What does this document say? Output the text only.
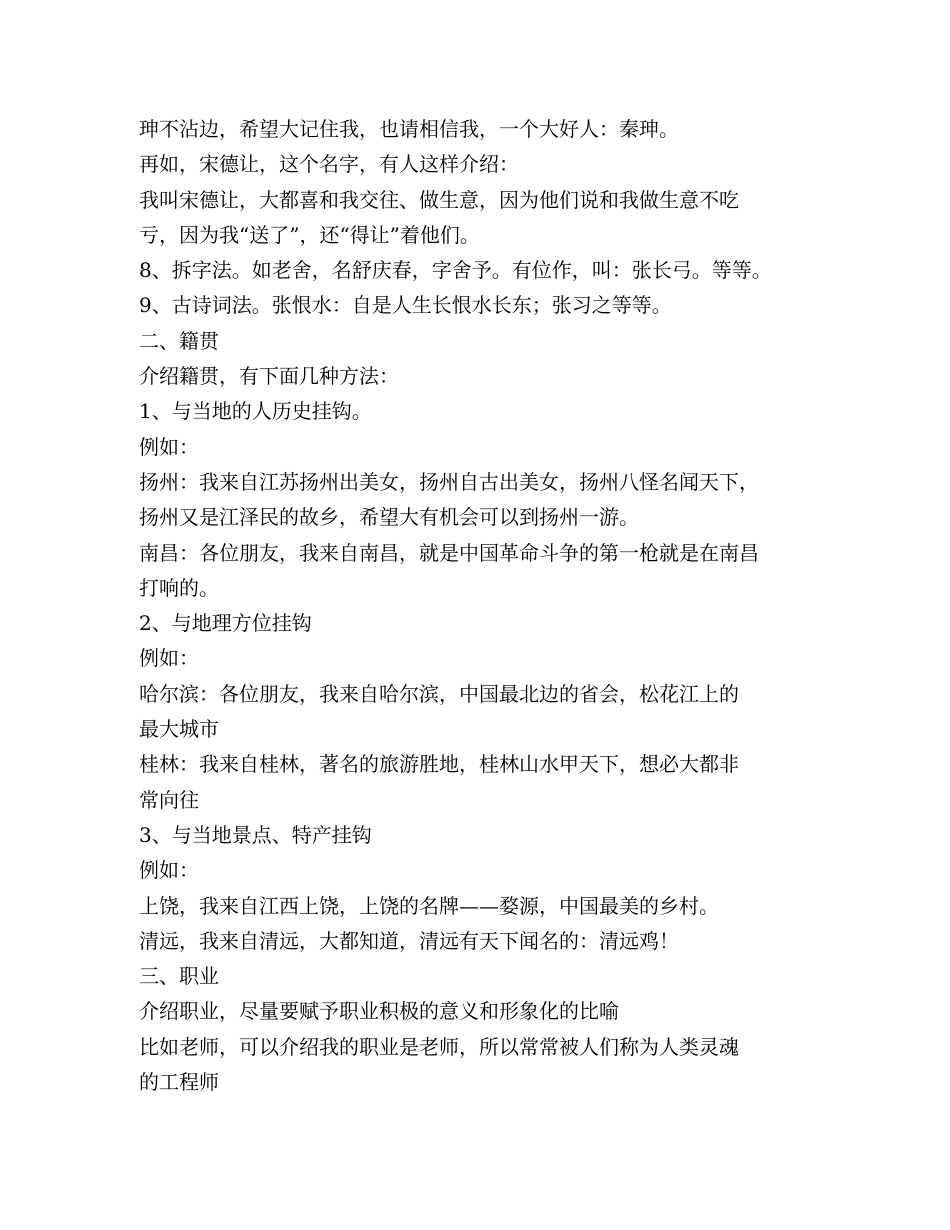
珅不沾边，希望大记住我，也请相信我，一个大好人：秦珅。
再如，宋德让，这个名字，有人这样介绍：
我叫宋德让，大都喜和我交往、做生意，因为他们说和我做生意不吃
亏，因为我“送了”，还“得让”着他们。
8、拆字法。如老舍，名舒庆春，字舍予。有位作，叫：张长弓。等等。
9、古诗词法。张恨水：自是人生长恨水长东；张习之等等。
二、籍贯
介绍籍贯，有下面几种方法：
1、与当地的人历史挂钩。
例如：
扬州：我来自江苏扬州出美女，扬州自古出美女，扬州八怪名闻天下，
扬州又是江泽民的故乡，希望大有机会可以到扬州一游。
南昌：各位朋友，我来自南昌，就是中国革命斗争的第一枪就是在南昌
打响的。
2、与地理方位挂钩
例如：
哈尔滨：各位朋友，我来自哈尔滨，中国最北边的省会，松花江上的
最大城市
桂林：我来自桂林，著名的旅游胜地，桂林山水甲天下，想必大都非
常向往
3、与当地景点、特产挂钩
例如：
上饶，我来自江西上饶，上饶的名牌——婺源，中国最美的乡村。
清远，我来自清远，大都知道，清远有天下闻名的：清远鸡！
三、职业
介绍职业，尽量要赋予职业积极的意义和形象化的比喻
比如老师，可以介绍我的职业是老师，所以常常被人们称为人类灵魂
的工程师
